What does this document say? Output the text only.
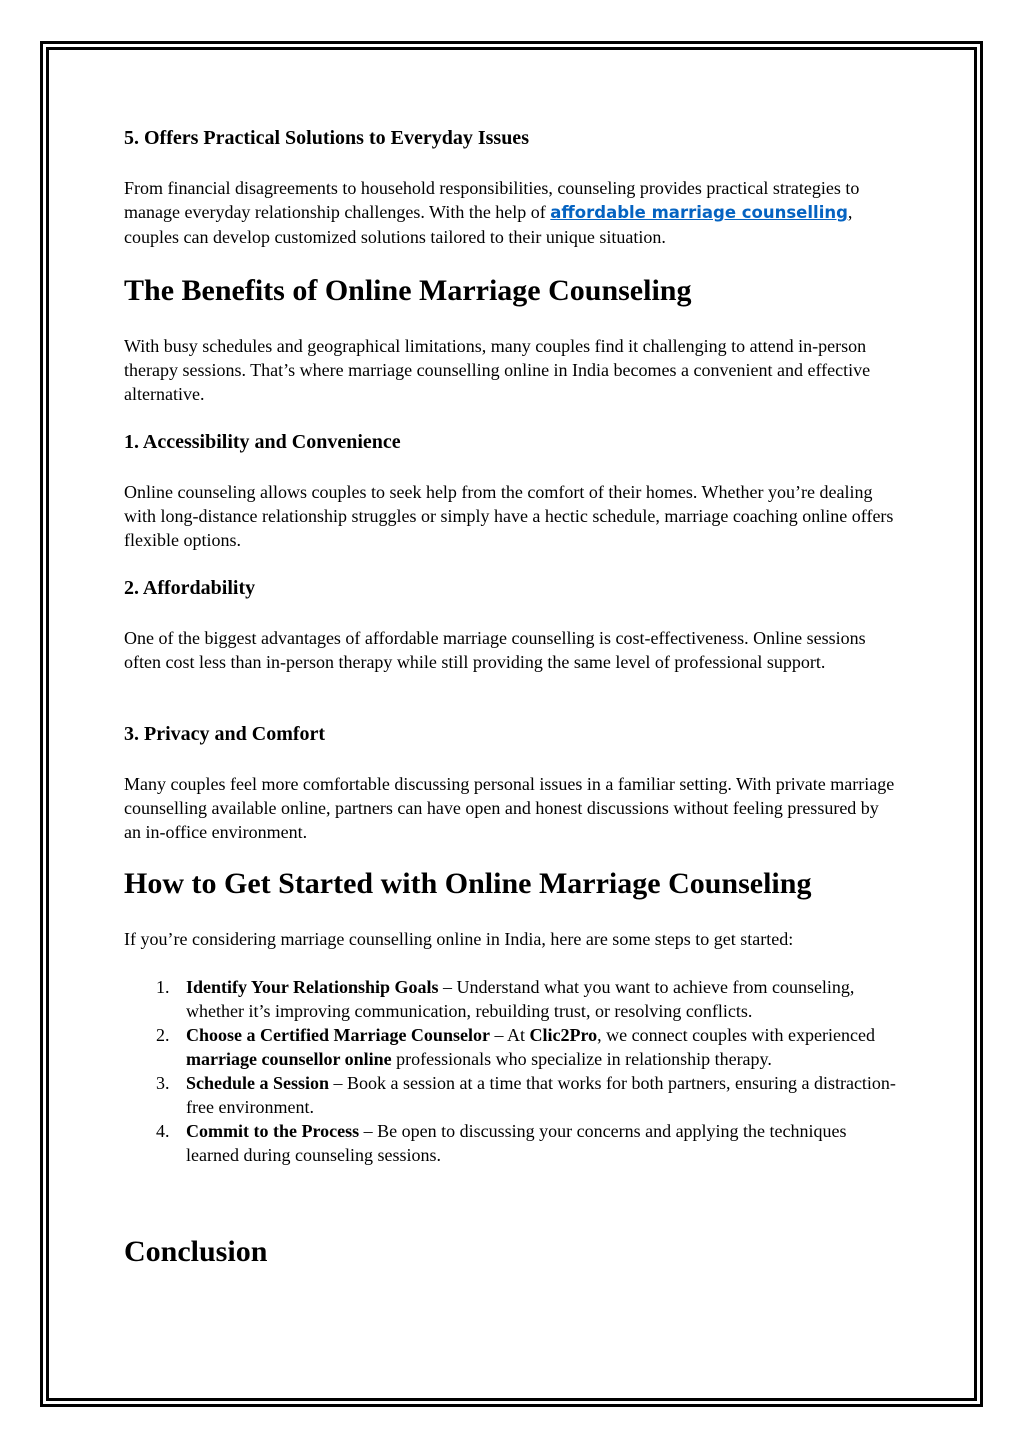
5. Offers Practical Solutions to Everyday Issues

From financial disagreements to household responsibilities, counseling provides practical strategies to manage everyday relationship challenges. With the help of affordable marriage counselling, couples can develop customized solutions tailored to their unique situation.

The Benefits of Online Marriage Counseling

With busy schedules and geographical limitations, many couples find it challenging to attend in-person therapy sessions. That’s where marriage counselling online in India becomes a convenient and effective alternative.

1. Accessibility and Convenience

Online counseling allows couples to seek help from the comfort of their homes. Whether you’re dealing with long-distance relationship struggles or simply have a hectic schedule, marriage coaching online offers flexible options.

2. Affordability

One of the biggest advantages of affordable marriage counselling is cost-effectiveness. Online sessions often cost less than in-person therapy while still providing the same level of professional support.

3. Privacy and Comfort

Many couples feel more comfortable discussing personal issues in a familiar setting. With private marriage counselling available online, partners can have open and honest discussions without feeling pressured by an in-office environment.

How to Get Started with Online Marriage Counseling

If you’re considering marriage counselling online in India, here are some steps to get started:

1. Identify Your Relationship Goals – Understand what you want to achieve from counseling, whether it’s improving communication, rebuilding trust, or resolving conflicts.
2. Choose a Certified Marriage Counselor – At Clic2Pro, we connect couples with experienced marriage counsellor online professionals who specialize in relationship therapy.
3. Schedule a Session – Book a session at a time that works for both partners, ensuring a distraction-free environment.
4. Commit to the Process – Be open to discussing your concerns and applying the techniques learned during counseling sessions.
Conclusion
